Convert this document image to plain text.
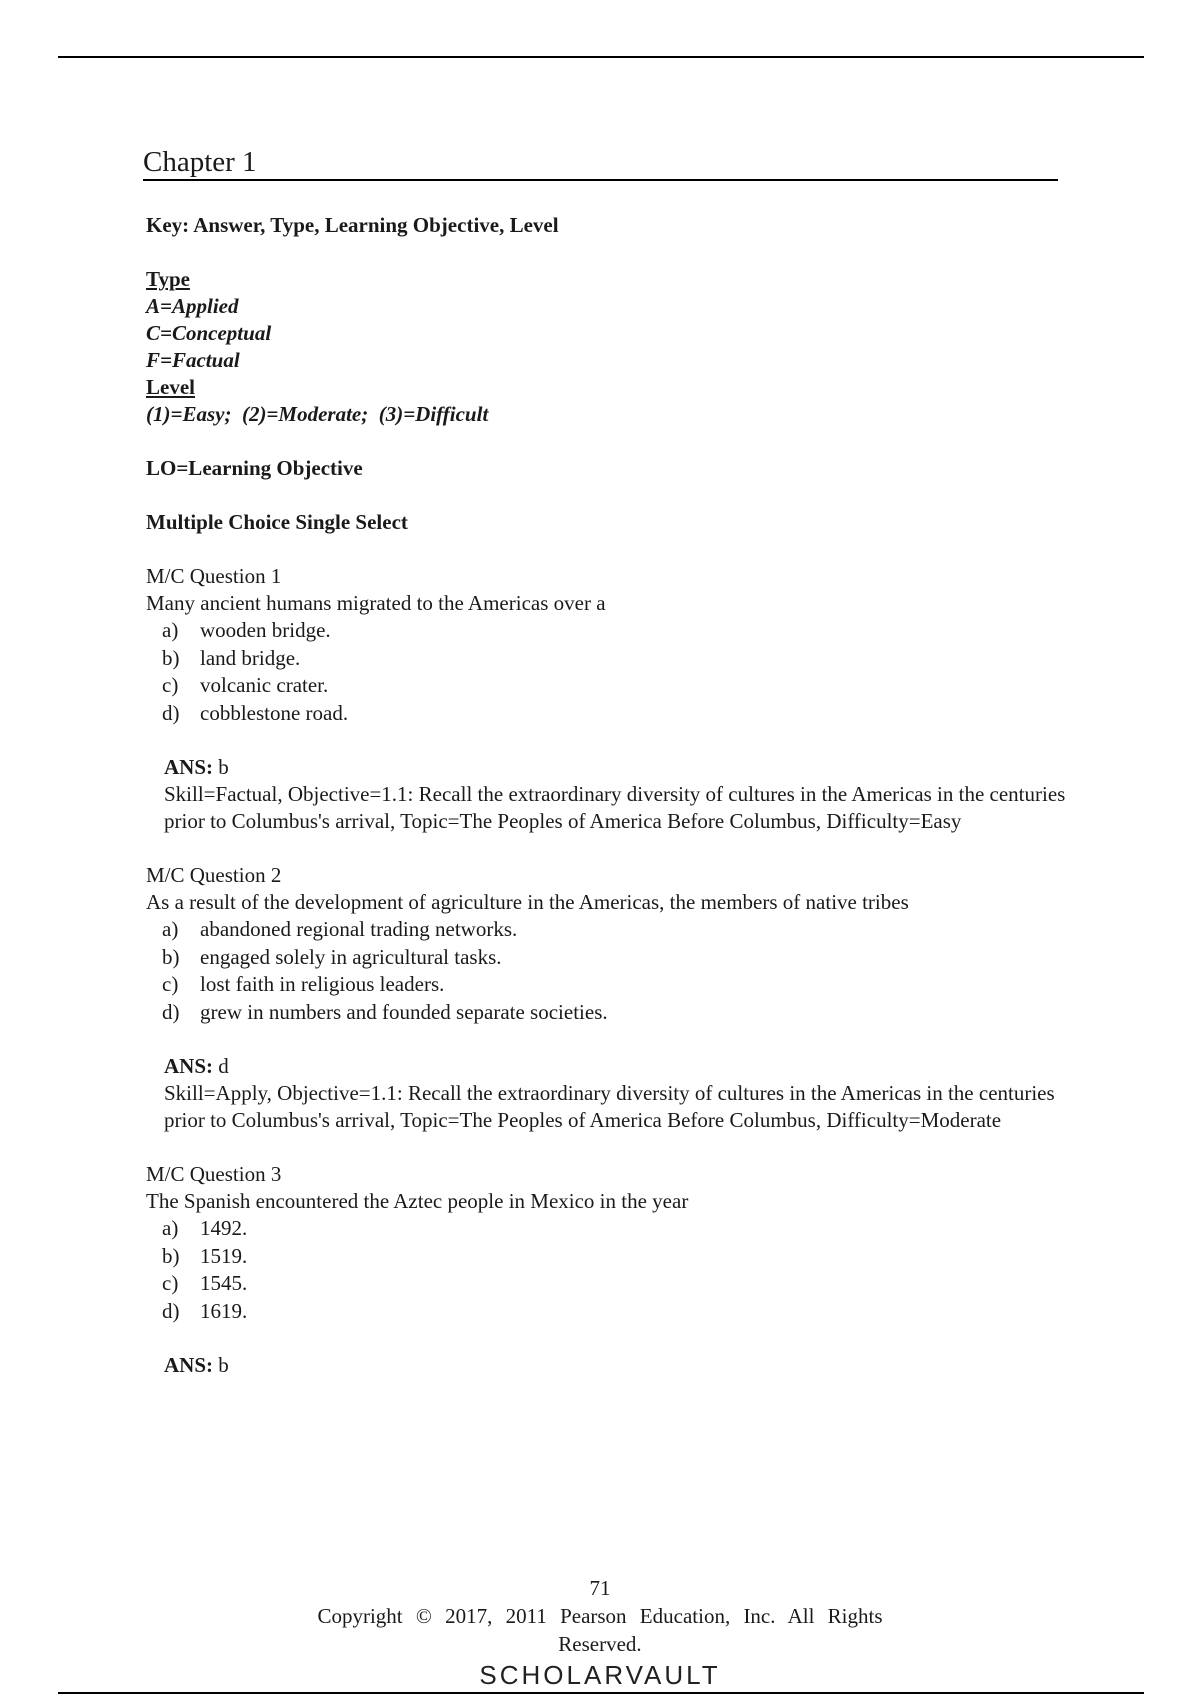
Chapter 1

Key: Answer, Type, Learning Objective, Level

Type

A=Applied

C=Conceptual

F=Factual

Level

(1)=Easy;  (2)=Moderate;  (3)=Difficult

LO=Learning Objective

Multiple Choice Single Select

M/C Question 1

Many ancient humans migrated to the Americas over a

a) wooden bridge.
b) land bridge.
c) volcanic crater.
d) cobblestone road.

ANS: b

Skill=Factual, Objective=1.1: Recall the extraordinary diversity of cultures in the Americas in the centuries prior to Columbus's arrival, Topic=The Peoples of America Before Columbus, Difficulty=Easy

M/C Question 2

As a result of the development of agriculture in the Americas, the members of native tribes

a) abandoned regional trading networks.
b) engaged solely in agricultural tasks.
c) lost faith in religious leaders.
d) grew in numbers and founded separate societies.

ANS: d

Skill=Apply, Objective=1.1: Recall the extraordinary diversity of cultures in the Americas in the centuries prior to Columbus's arrival, Topic=The Peoples of America Before Columbus, Difficulty=Moderate

M/C Question 3

The Spanish encountered the Aztec people in Mexico in the year

a) 1492.
b) 1519.
c) 1545.
d) 1619.

ANS: b

71
Copyright © 2017, 2011 Pearson Education, Inc. All Rights
Reserved.
SCHOLARVAULT
